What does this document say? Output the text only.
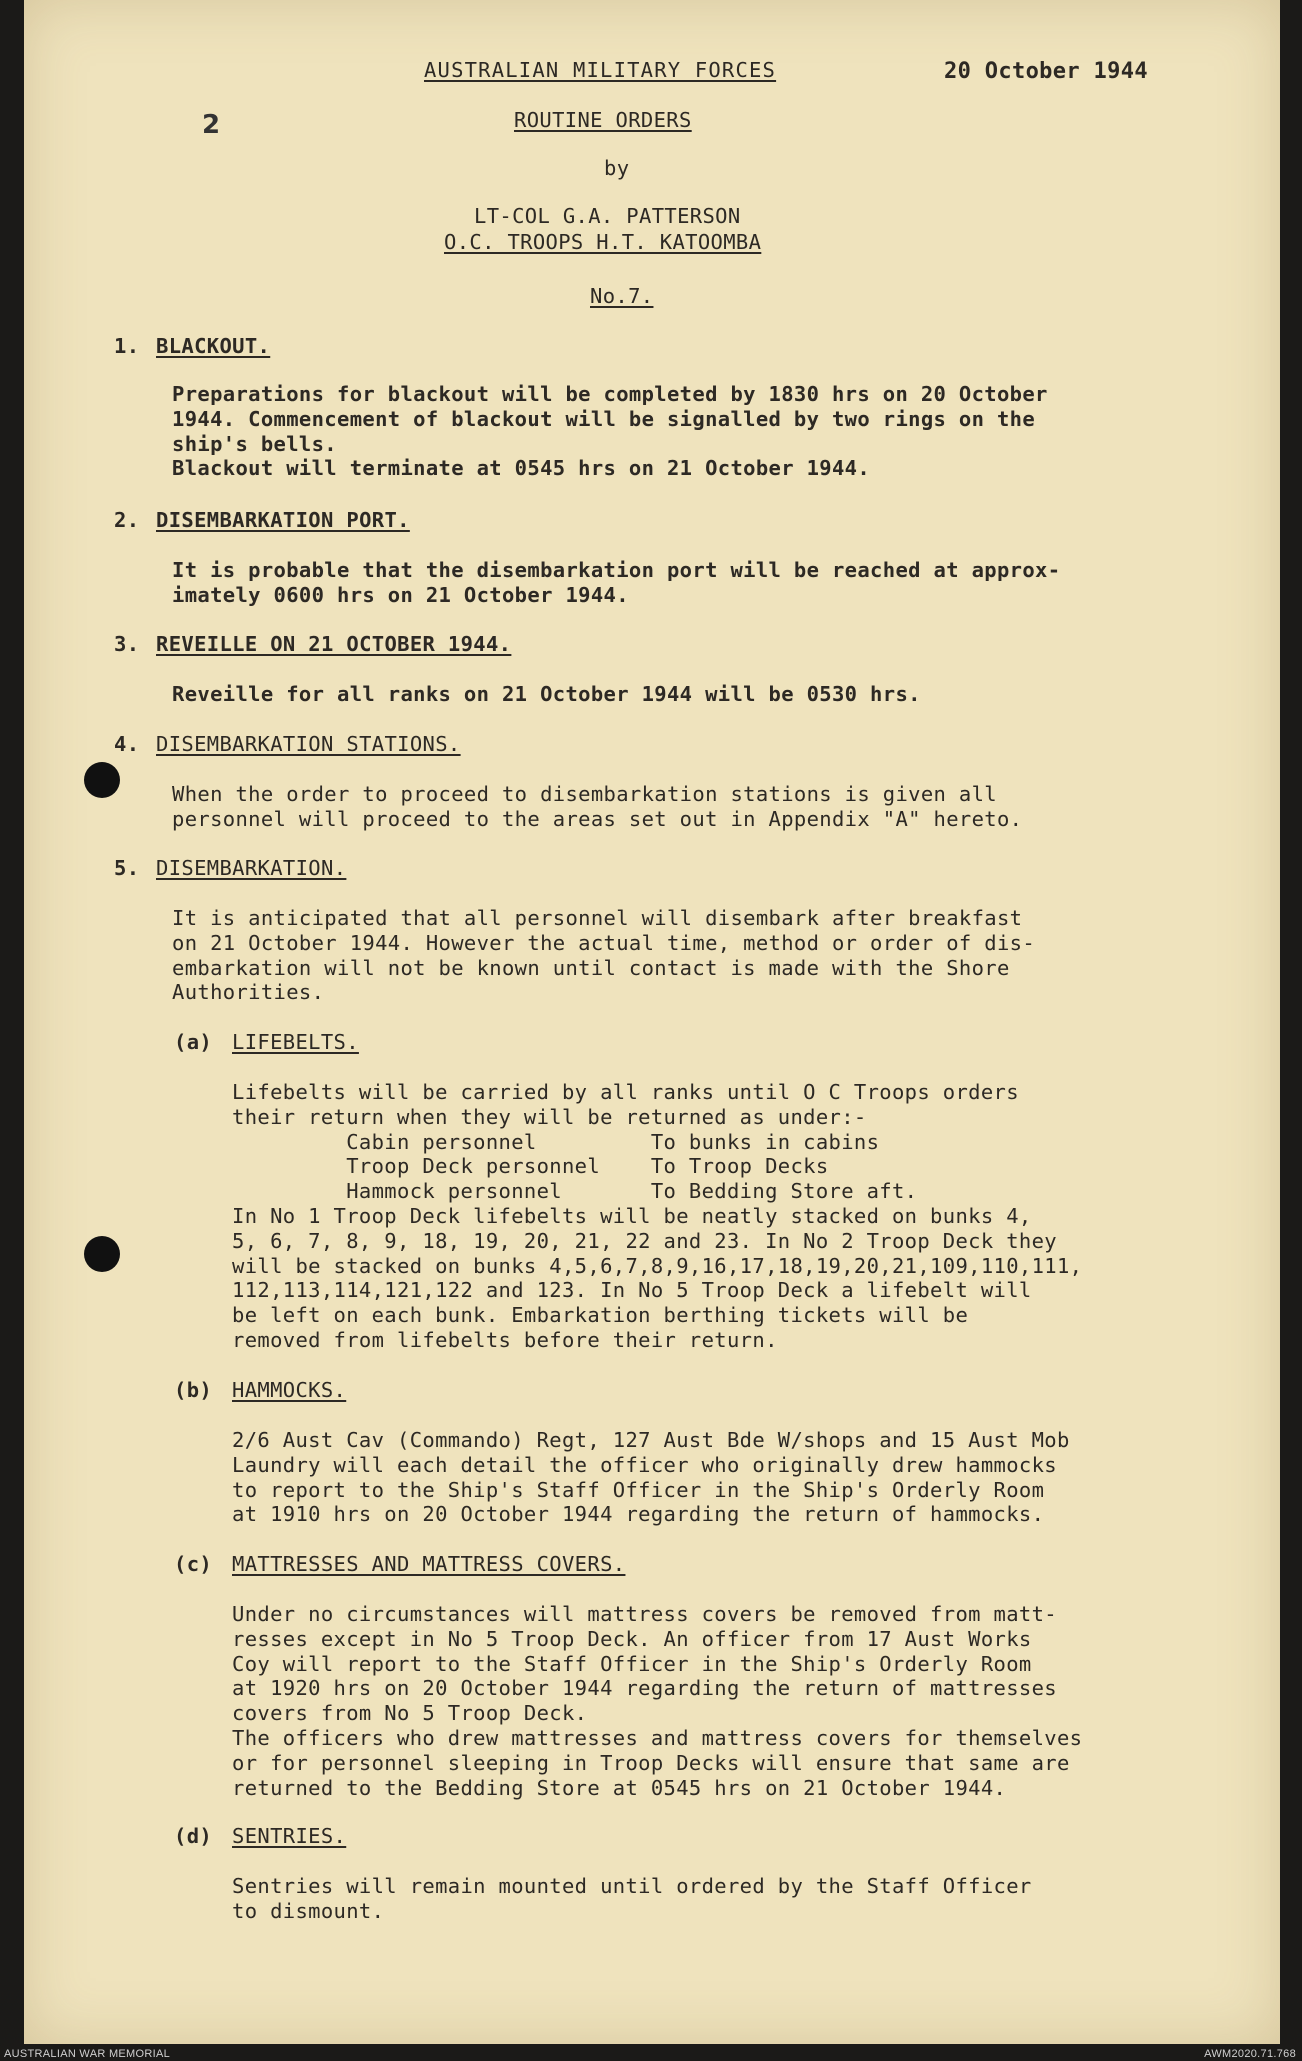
AUSTRALIAN MILITARY FORCES	20 October 1944
2	ROUTINE ORDERS
by
LT-COL G.A. PATTERSON
O.C. TROOPS H.T. KATOOMBA
No.7.
1. BLACKOUT.
Preparations for blackout will be completed by 1830 hrs on 20 October
1944. Commencement of blackout will be signalled by two rings on the
ship's bells.
Blackout will terminate at 0545 hrs on 21 October 1944.
2. DISEMBARKATION PORT.
It is probable that the disembarkation port will be reached at approx-
imately 0600 hrs on 21 October 1944.
3. REVEILLE ON 21 OCTOBER 1944.
Reveille for all ranks on 21 October 1944 will be 0530 hrs.
4. DISEMBARKATION STATIONS.
When the order to proceed to disembarkation stations is given all
personnel will proceed to the areas set out in Appendix "A" hereto.
5. DISEMBARKATION.
It is anticipated that all personnel will disembark after breakfast
on 21 October 1944. However the actual time, method or order of dis-
embarkation will not be known until contact is made with the Shore
Authorities.
(a) LIFEBELTS.
Lifebelts will be carried by all ranks until O C Troops orders
their return when they will be returned as under:-
Cabin personnel         To bunks in cabins
Troop Deck personnel    To Troop Decks
Hammock personnel       To Bedding Store aft.
In No 1 Troop Deck lifebelts will be neatly stacked on bunks 4,
5, 6, 7, 8, 9, 18, 19, 20, 21, 22 and 23. In No 2 Troop Deck they
will be stacked on bunks 4,5,6,7,8,9,16,17,18,19,20,21,109,110,111,
112,113,114,121,122 and 123. In No 5 Troop Deck a lifebelt will
be left on each bunk. Embarkation berthing tickets will be
removed from lifebelts before their return.
(b) HAMMOCKS.
2/6 Aust Cav (Commando) Regt, 127 Aust Bde W/shops and 15 Aust Mob
Laundry will each detail the officer who originally drew hammocks
to report to the Ship's Staff Officer in the Ship's Orderly Room
at 1910 hrs on 20 October 1944 regarding the return of hammocks.
(c) MATTRESSES AND MATTRESS COVERS.
Under no circumstances will mattress covers be removed from matt-
resses except in No 5 Troop Deck. An officer from 17 Aust Works
Coy will report to the Staff Officer in the Ship's Orderly Room
at 1920 hrs on 20 October 1944 regarding the return of mattresses
covers from No 5 Troop Deck.
The officers who drew mattresses and mattress covers for themselves
or for personnel sleeping in Troop Decks will ensure that same are
returned to the Bedding Store at 0545 hrs on 21 October 1944.
(d) SENTRIES.
Sentries will remain mounted until ordered by the Staff Officer
to dismount.
AUSTRALIAN WAR MEMORIAL	AWM2020.71.768
